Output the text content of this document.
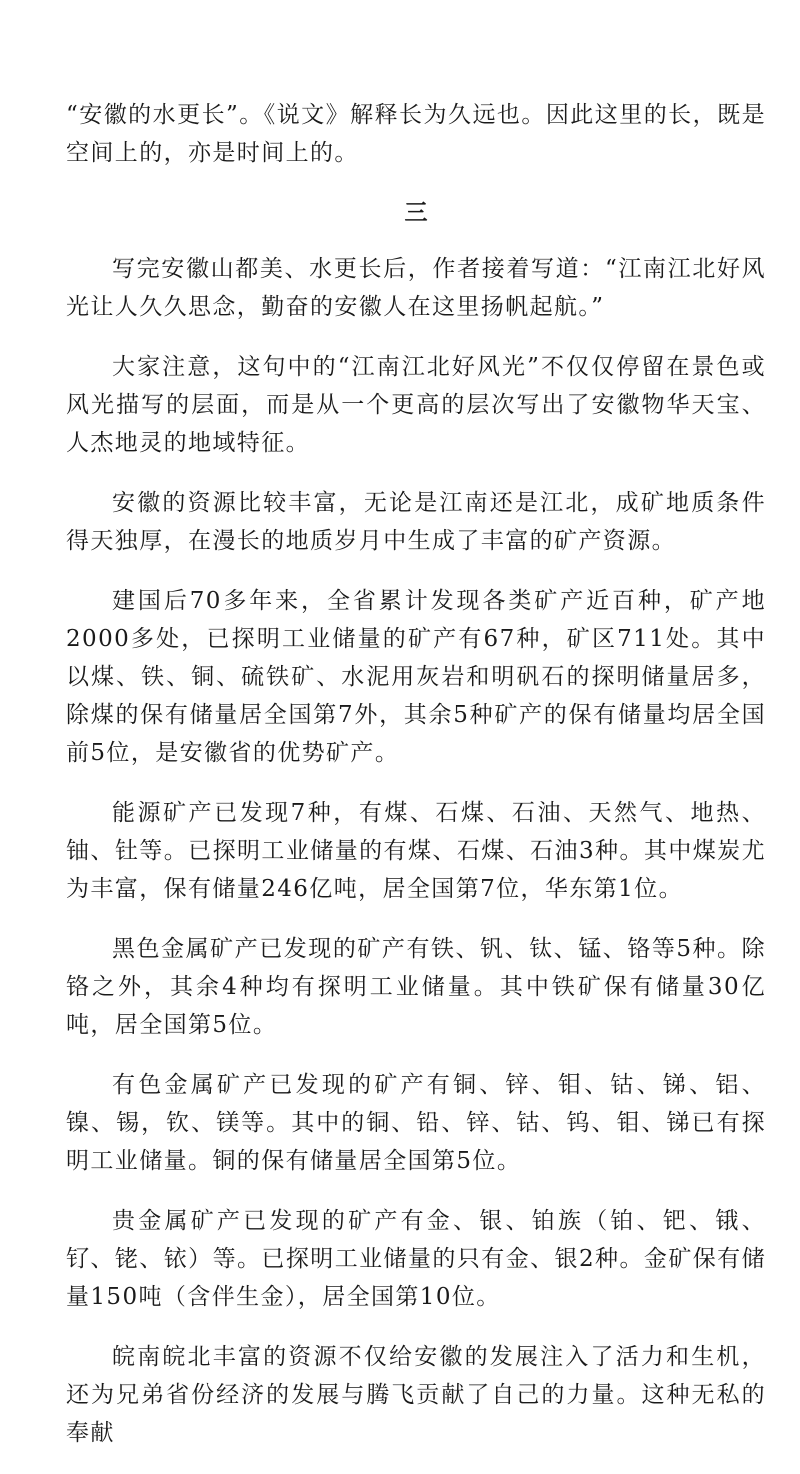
“安徽的水更长”。《说文》解释长为久远也。因此这里的长，既是空间上的，亦是时间上的。

三

写完安徽山都美、水更长后，作者接着写道：“江南江北好风光让人久久思念，勤奋的安徽人在这里扬帆起航。”

大家注意，这句中的“江南江北好风光”不仅仅停留在景色或风光描写的层面，而是从一个更高的层次写出了安徽物华天宝、人杰地灵的地域特征。

安徽的资源比较丰富，无论是江南还是江北，成矿地质条件得天独厚，在漫长的地质岁月中生成了丰富的矿产资源。

建国后70多年来，全省累计发现各类矿产近百种，矿产地2000多处，已探明工业储量的矿产有67种，矿区711处。其中以煤、铁、铜、硫铁矿、水泥用灰岩和明矾石的探明储量居多，除煤的保有储量居全国第7外，其余5种矿产的保有储量均居全国前5位，是安徽省的优势矿产。

能源矿产已发现7种，有煤、石煤、石油、天然气、地热、铀、钍等。已探明工业储量的有煤、石煤、石油3种。其中煤炭尤为丰富，保有储量246亿吨，居全国第7位，华东第1位。

黑色金属矿产已发现的矿产有铁、钒、钛、锰、铬等5种。除铬之外，其余4种均有探明工业储量。其中铁矿保有储量30亿吨，居全国第5位。

有色金属矿产已发现的矿产有铜、锌、钼、钴、锑、铝、镍、锡，钦、镁等。其中的铜、铅、锌、钴、钨、钼、锑已有探明工业储量。铜的保有储量居全国第5位。

贵金属矿产已发现的矿产有金、银、铂族（铂、钯、锇、钌、铑、铱）等。已探明工业储量的只有金、银2种。金矿保有储量150吨（含伴生金），居全国第10位。

皖南皖北丰富的资源不仅给安徽的发展注入了活力和生机，还为兄弟省份经济的发展与腾飞贡献了自己的力量。这种无私的奉献
